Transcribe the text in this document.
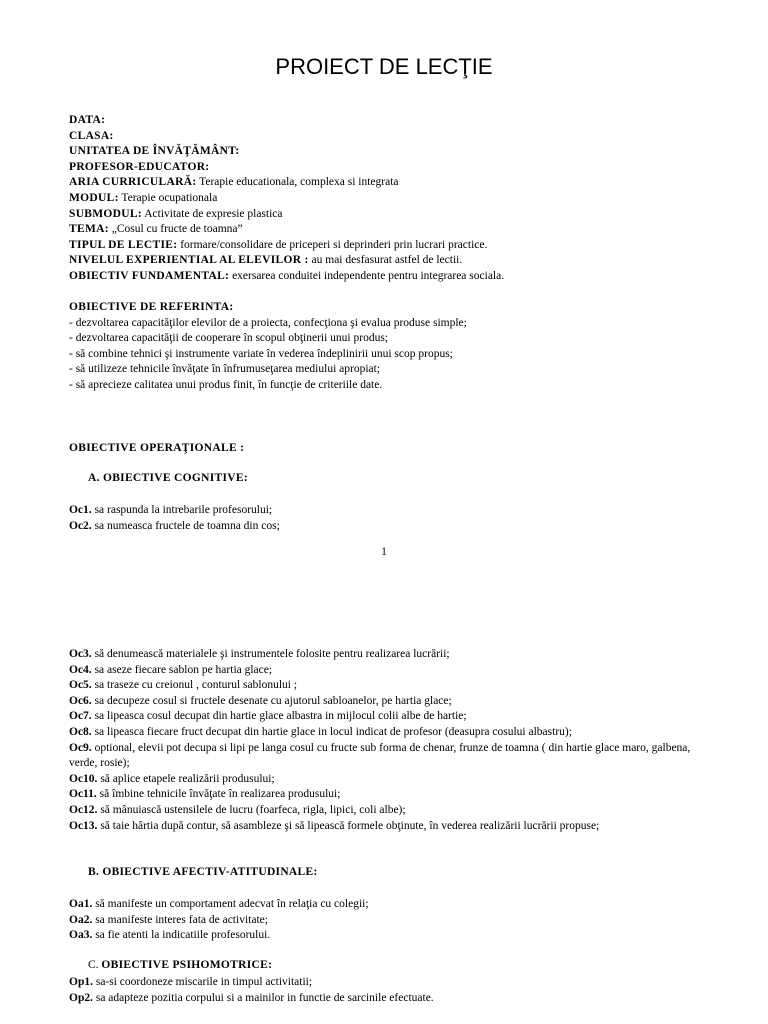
PROIECT DE LECŢIE
DATA:
CLASA:
UNITATEA DE ÎNVĂŢĂMÂNT:
PROFESOR-EDUCATOR:
ARIA CURRICULARĂ: Terapie educationala, complexa si integrata
MODUL: Terapie ocupationala
SUBMODUL: Activitate de expresie plastica
TEMA: „Cosul cu fructe de toamna”
TIPUL DE LECTIE: formare/consolidare de priceperi si deprinderi prin lucrari practice.
NIVELUL EXPERIENTIAL AL ELEVILOR : au mai desfasurat astfel de lectii.
OBIECTIV FUNDAMENTAL: exersarea conduitei independente pentru integrarea sociala.
OBIECTIVE DE REFERINTA:
- dezvoltarea capacităţilor elevilor de a proiecta, confecţiona şi evalua produse simple;
- dezvoltarea capacităţii de cooperare în scopul obţinerii unui produs;
- să combine tehnici şi instrumente variate în vederea îndeplinirii unui scop propus;
- să utilizeze tehnicile învăţate în înfrumuseţarea mediului apropiat;
- să aprecieze calitatea unui produs finit, în funcţie de criteriile date.
OBIECTIVE OPERAŢIONALE :
A. OBIECTIVE COGNITIVE:
Oc1. sa raspunda la intrebarile profesorului;
Oc2. sa numeasca fructele de toamna din cos;
1
Oc3. să denumească materialele şi instrumentele folosite pentru realizarea lucrării;
Oc4. sa aseze fiecare sablon pe hartia glace;
Oc5. sa traseze cu creionul , conturul sablonului ;
Oc6. sa decupeze cosul si fructele desenate cu ajutorul sabloanelor, pe hartia glace;
Oc7. sa lipeasca cosul decupat din hartie glace albastra in mijlocul colii albe de hartie;
Oc8. sa lipeasca fiecare fruct decupat din hartie glace in locul indicat de profesor (deasupra cosului albastru);
Oc9. optional, elevii pot decupa si lipi pe langa cosul cu fructe sub forma de chenar, frunze de toamna ( din hartie glace maro, galbena, verde, rosie);
Oc10. să aplice etapele realizării produsului;
Oc11. să îmbine tehnicile învăţate în realizarea produsului;
Oc12. să mânuiască ustensilele de lucru (foarfeca, rigla, lipici, coli albe);
Oc13. să taie hârtia după contur, să asambleze şi să lipească formele obţinute, în vederea realizării lucrării propuse;
B. OBIECTIVE AFECTIV-ATITUDINALE:
Oa1. să manifeste un comportament adecvat în relaţia cu colegii;
Oa2. sa manifeste interes fata de activitate;
Oa3. sa fie atenti la indicatiile profesorului.
C. OBIECTIVE PSIHOMOTRICE:
Op1. sa-si coordoneze miscarile in timpul activitatii;
Op2. sa adapteze pozitia corpului si a mainilor in functie de sarcinile efectuate.
